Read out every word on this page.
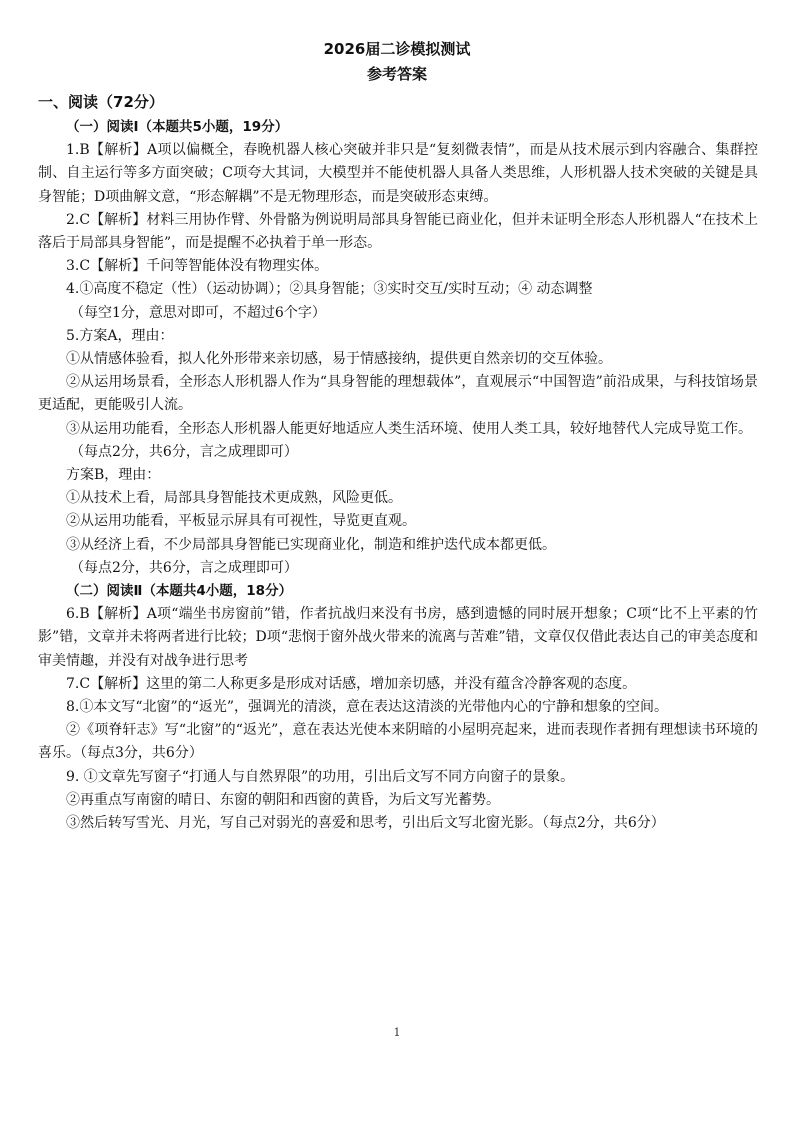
2026届二诊模拟测试
参考答案
一、阅读（72分）

（一）阅读Ⅰ（本题共5小题，19分）

1.B【解析】A项以偏概全，春晚机器人核心突破并非只是“复刻微表情”，而是从技术展示到内容融合、集群控制、自主运行等多方面突破；C项夸大其词，大模型并不能使机器人具备人类思维，人形机器人技术突破的关键是具身智能；D项曲解文意，“形态解耦”不是无物理形态，而是突破形态束缚。

2.C【解析】材料三用协作臂、外骨骼为例说明局部具身智能已商业化，但并未证明全形态人形机器人“在技术上落后于局部具身智能”，而是提醒不必执着于单一形态。

3.C【解析】千问等智能体没有物理实体。

4.①高度不稳定（性）（运动协调）；②具身智能；③实时交互/实时互动；④ 动态调整

（每空1分，意思对即可，不超过6个字）

5.方案A，理由：

①从情感体验看，拟人化外形带来亲切感，易于情感接纳，提供更自然亲切的交互体验。

②从运用场景看，全形态人形机器人作为“具身智能的理想载体”，直观展示“中国智造”前沿成果，与科技馆场景更适配，更能吸引人流。

③从运用功能看，全形态人形机器人能更好地适应人类生活环境、使用人类工具，较好地替代人完成导览工作。

（每点2分，共6分，言之成理即可）

方案B，理由：

①从技术上看，局部具身智能技术更成熟，风险更低。

②从运用功能看，平板显示屏具有可视性，导览更直观。

③从经济上看，不少局部具身智能已实现商业化，制造和维护迭代成本都更低。

（每点2分，共6分，言之成理即可）

（二）阅读Ⅱ（本题共4小题，18分）

6.B【解析】A项“端坐书房窗前”错，作者抗战归来没有书房，感到遗憾的同时展开想象；C项“比不上平素的竹影”错，文章并未将两者进行比较；D项“悲悯于窗外战火带来的流离与苦难”错，文章仅仅借此表达自己的审美态度和审美情趣，并没有对战争进行思考

7.C【解析】这里的第二人称更多是形成对话感，增加亲切感，并没有蕴含冷静客观的态度。

8.①本文写“北窗”的“返光”，强调光的清淡，意在表达这清淡的光带他内心的宁静和想象的空间。

②《项脊轩志》写“北窗”的“返光”，意在表达光使本来阴暗的小屋明亮起来，进而表现作者拥有理想读书环境的喜乐。（每点3分，共6分）

9. ①文章先写窗子“打通人与自然界限”的功用，引出后文写不同方向窗子的景象。

②再重点写南窗的晴日、东窗的朝阳和西窗的黄昏，为后文写光蓄势。

③然后转写雪光、月光，写自己对弱光的喜爱和思考，引出后文写北窗光影。（每点2分，共6分）

1
